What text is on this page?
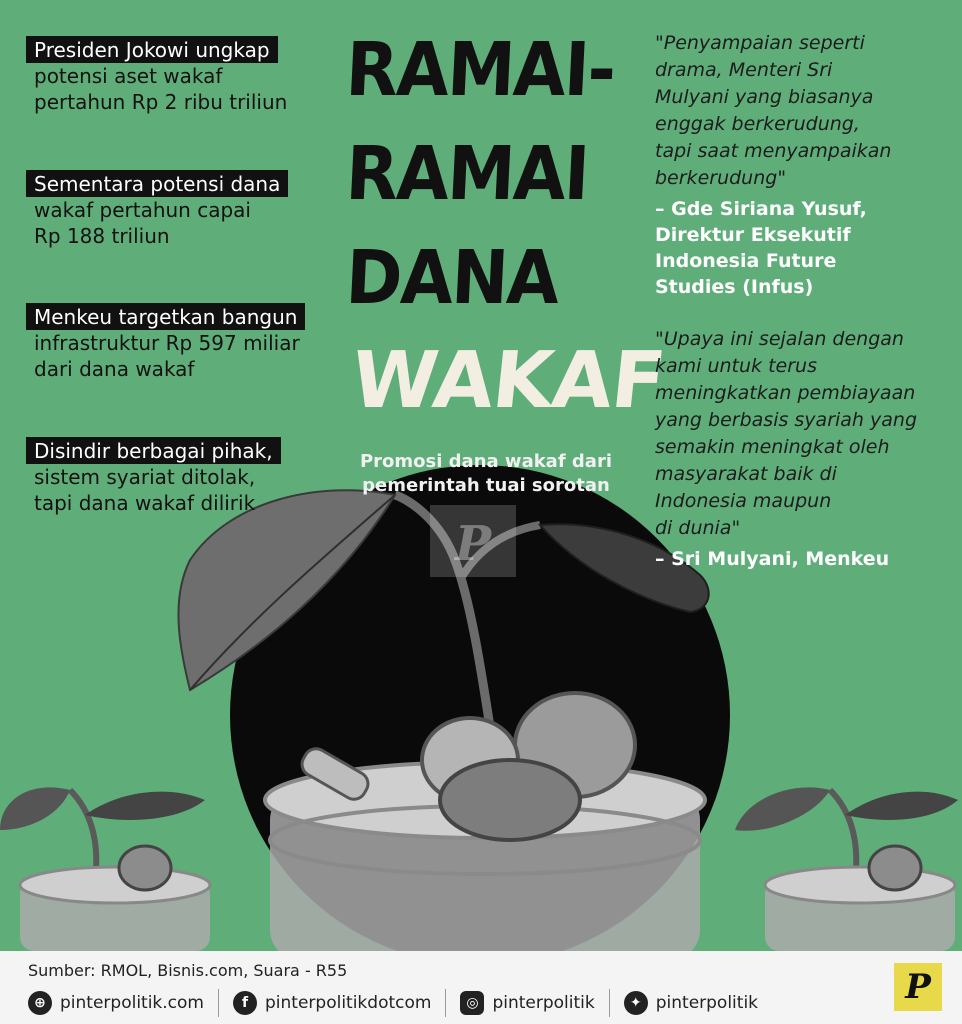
P
Presiden Jokowi ungkap
potensi aset wakaf
pertahun Rp 2 ribu triliun
Sementara potensi dana
wakaf pertahun capai
Rp 188 triliun
Menkeu targetkan bangun
infrastruktur Rp 597 miliar
dari dana wakaf
Disindir berbagai pihak,
sistem syariat ditolak,
tapi dana wakaf dilirik
RAMAI-
RAMAI
DANA
WAKAF
Promosi dana wakaf dari pemerintah tuai sorotan
"Penyampaian seperti
drama, Menteri Sri
Mulyani yang biasanya
enggak berkerudung,
tapi saat menyampaikan
berkerudung"
– Gde Siriana Yusuf,
Direktur Eksekutif
Indonesia Future
Studies (Infus)
"Upaya ini sejalan dengan
kami untuk terus
meningkatkan pembiayaan
yang berbasis syariah yang
semakin meningkat oleh
masyarakat baik di
Indonesia maupun
di dunia"
– Sri Mulyani, Menkeu
Sumber: RMOL, Bisnis.com, Suara - R55
⊕ pinterpolitik.com	f pinterpolitikdotcom	◎ pinterpolitik	✦ pinterpolitik	P
